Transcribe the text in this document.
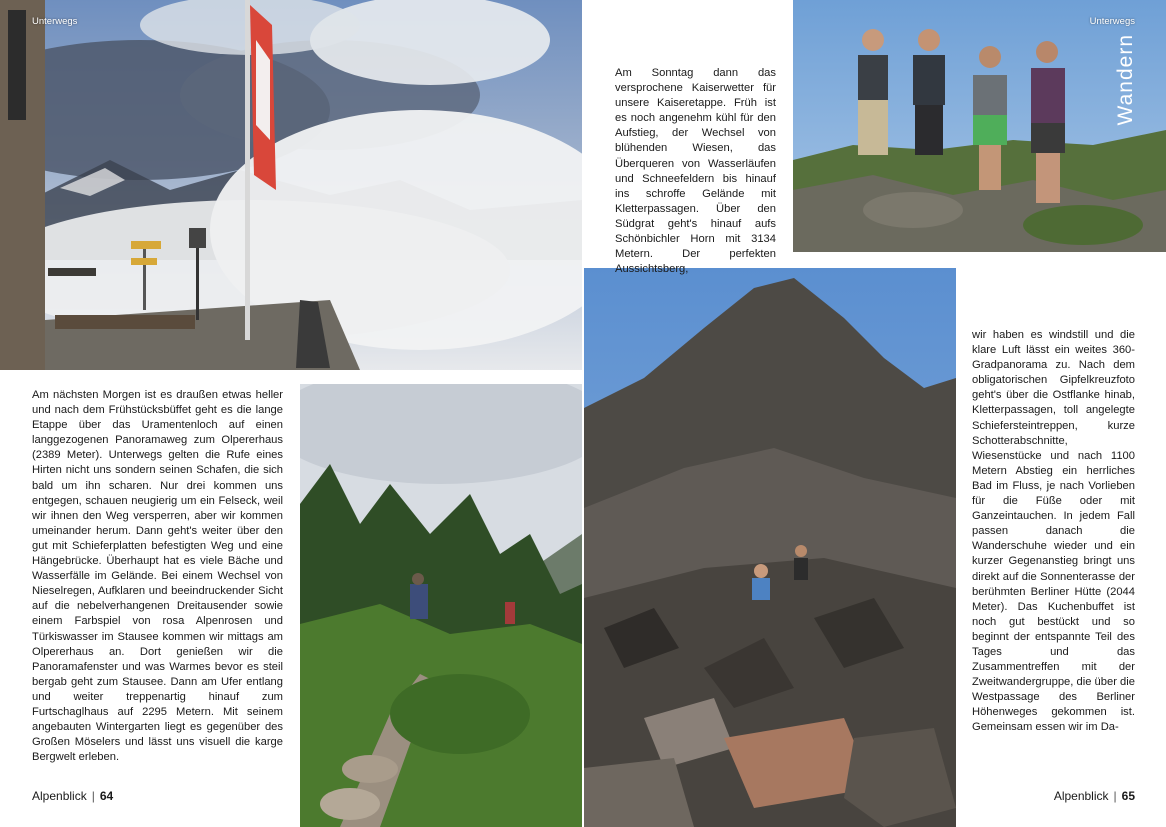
Unterwegs	Unterwegs
Wandern

Am nächsten Morgen ist es draußen etwas heller und nach dem Frühstücksbüffet geht es die lange Etappe über das Uramentenloch auf einen langgezogenen Panoramaweg zum Olpererhaus (2389 Meter). Unterwegs gelten die Rufe eines Hirten nicht uns sondern seinen Schafen, die sich bald um ihn scharen. Nur drei kommen uns entgegen, schauen neugierig um ein Felseck, weil wir ihnen den Weg versperren, aber wir kommen umeinander herum. Dann geht's weiter über den gut mit Schieferplatten befestigten Weg und eine Hängebrücke. Überhaupt hat es viele Bäche und Wasserfälle im Gelände. Bei einem Wechsel von Nieselregen, Aufklaren und beeindruckender Sicht auf die nebelverhangenen Dreitausender sowie einem Farbspiel von rosa Alpenrosen und Türkiswasser im Stausee kommen wir mittags am Olpererhaus an. Dort genießen wir die Panoramafenster und was Warmes bevor es steil bergab geht zum Stausee. Dann am Ufer entlang und weiter treppenartig hinauf zum Furtschaglhaus auf 2295 Metern. Mit seinem angebauten Wintergarten liegt es gegenüber des Großen Möselers und lässt uns visuell die karge Bergwelt erleben.

Am Sonntag dann das versprochene Kaiserwetter für unsere Kaiseretappe. Früh ist es noch angenehm kühl für den Aufstieg, der Wechsel von blühenden Wiesen, das Überqueren von Wasserläufen und Schneefeldern bis hinauf ins schroffe Gelände mit Kletterpassagen. Über den Südgrat geht's hinauf aufs Schönbichler Horn mit 3134 Metern. Der perfekten Aussichtsberg,

wir haben es windstill und die klare Luft lässt ein weites 360-Gradpanorama zu. Nach dem obligatorischen Gipfelkreuzfoto geht's über die Ostflanke hinab, Kletterpassagen, toll angelegte Schiefersteintreppen, kurze Schotterabschnitte, Wiesenstücke und nach 1100 Metern Abstieg ein herrliches Bad im Fluss, je nach Vorlieben für die Füße oder mit Ganzeintauchen. In jedem Fall passen danach die Wanderschuhe wieder und ein kurzer Gegenanstieg bringt uns direkt auf die Sonnenterasse der berühmten Berliner Hütte (2044 Meter). Das Kuchenbuffet ist noch gut bestückt und so beginnt der entspannte Teil des Tages und das Zusammentreffen mit der Zweitwandergruppe, die über die Westpassage des Berliner Höhenweges gekommen ist. Gemeinsam essen wir im Da-

Alpenblick | 64	Alpenblick | 65
